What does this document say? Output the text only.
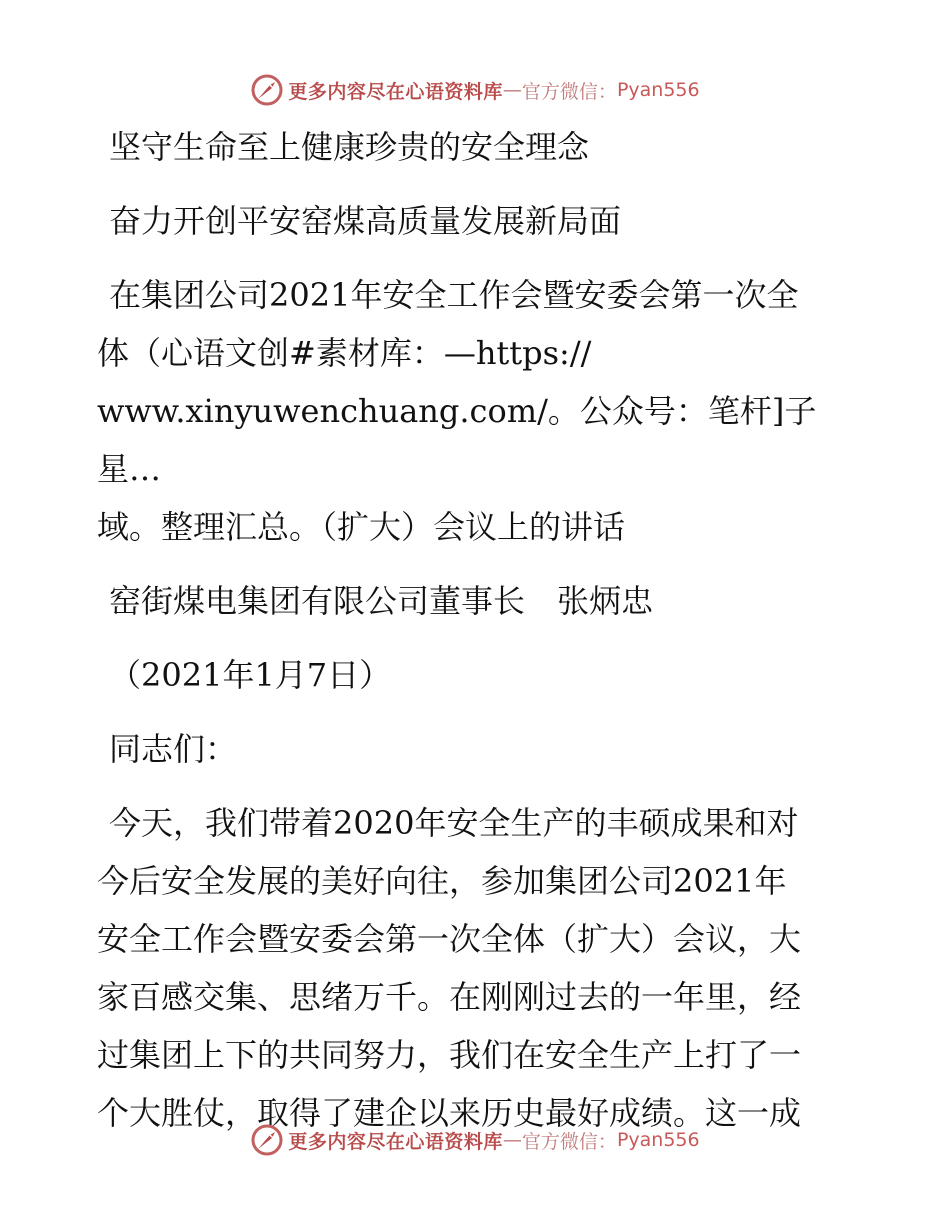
更多内容尽在心语资料库 — 官方微信： Pyan556

坚守生命至上健康珍贵的安全理念

奋力开创平安窑煤高质量发展新局面

在集团公司2021年安全工作会暨安委会第一次全

体（心语文创#素材库：—https://

www.xinyuwenchuang.com/。公众号：笔杆]子星…

域。整理汇总。（扩大）会议上的讲话

窑街煤电集团有限公司董事长　张炳忠

（2021年1月7日）

同志们：

今天，我们带着2020年安全生产的丰硕成果和对

今后安全发展的美好向往，参加集团公司2021年

安全工作会暨安委会第一次全体（扩大）会议，大

家百感交集、思绪万千。在刚刚过去的一年里，经

过集团上下的共同努力，我们在安全生产上打了一

个大胜仗，取得了建企以来历史最好成绩。这一成

更多内容尽在心语资料库 — 官方微信： Pyan556
